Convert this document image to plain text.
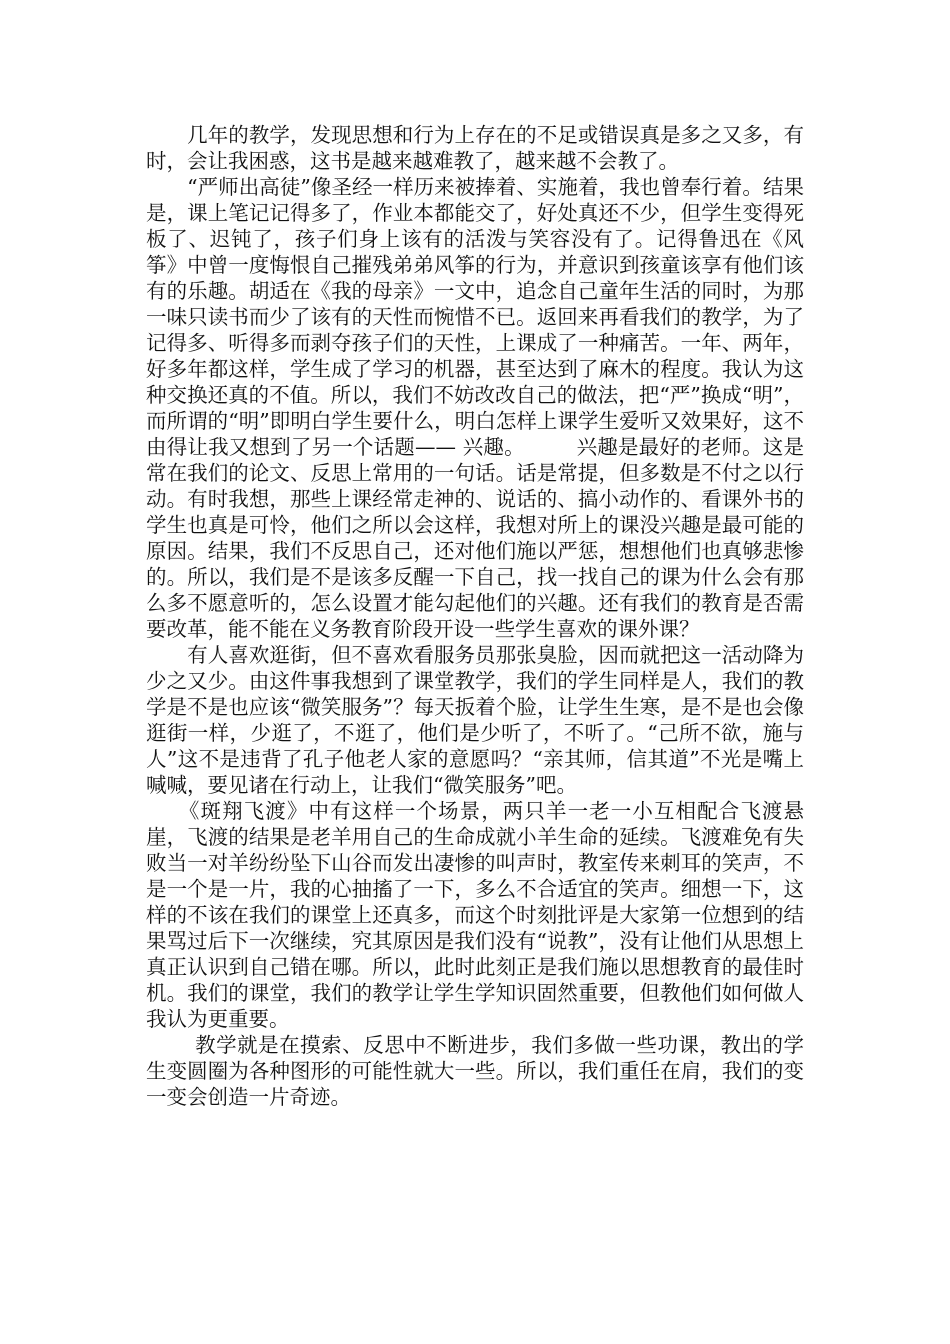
　　几年的教学，发现思想和行为上存在的不足或错误真是多之又多，有时，会让我困惑，这书是越来越难教了，越来越不会教了。

　　“严师出高徒”像圣经一样历来被捧着、实施着，我也曾奉行着。结果是，课上笔记记得多了，作业本都能交了，好处真还不少，但学生变得死板了、迟钝了，孩子们身上该有的活泼与笑容没有了。记得鲁迅在《风筝》中曾一度悔恨自己摧残弟弟风筝的行为，并意识到孩童该享有他们该有的乐趣。胡适在《我的母亲》一文中，追念自己童年生活的同时，为那一味只读书而少了该有的天性而惋惜不已。返回来再看我们的教学，为了记得多、听得多而剥夺孩子们的天性，上课成了一种痛苦。一年、两年，好多年都这样，学生成了学习的机器，甚至达到了麻木的程度。我认为这种交换还真的不值。所以，我们不妨改改自己的做法，把“严”换成“明”，而所谓的“明”即明白学生要什么，明白怎样上课学生爱听又效果好，这不由得让我又想到了另一个话题—— 兴趣。　　　兴趣是最好的老师。这是常在我们的论文、反思上常用的一句话。话是常提，但多数是不付之以行动。有时我想，那些上课经常走神的、说话的、搞小动作的、看课外书的学生也真是可怜，他们之所以会这样，我想对所上的课没兴趣是最可能的原因。结果，我们不反思自己，还对他们施以严惩，想想他们也真够悲惨的。所以，我们是不是该多反醒一下自己，找一找自己的课为什么会有那么多不愿意听的，怎么设置才能勾起他们的兴趣。还有我们的教育是否需要改革，能不能在义务教育阶段开设一些学生喜欢的课外课？

　　有人喜欢逛街，但不喜欢看服务员那张臭脸，因而就把这一活动降为少之又少。由这件事我想到了课堂教学，我们的学生同样是人，我们的教学是不是也应该“微笑服务”？每天扳着个脸，让学生生寒，是不是也会像逛街一样，少逛了，不逛了，他们是少听了，不听了。“己所不欲，施与人”这不是违背了孔子他老人家的意愿吗？“亲其师，信其道”不光是嘴上喊喊，要见诸在行动上，让我们“微笑服务”吧。

　　《斑翔飞渡》中有这样一个场景，两只羊一老一小互相配合飞渡悬崖，飞渡的结果是老羊用自己的生命成就小羊生命的延续。飞渡难免有失败当一对羊纷纷坠下山谷而发出凄惨的叫声时，教室传来刺耳的笑声，不是一个是一片，我的心抽搐了一下，多么不合适宜的笑声。细想一下，这样的不该在我们的课堂上还真多，而这个时刻批评是大家第一位想到的结果骂过后下一次继续，究其原因是我们没有“说教”，没有让他们从思想上真正认识到自己错在哪。所以，此时此刻正是我们施以思想教育的最佳时机。我们的课堂，我们的教学让学生学知识固然重要，但教他们如何做人我认为更重要。

　　 教学就是在摸索、反思中不断进步，我们多做一些功课，教出的学生变圆圈为各种图形的可能性就大一些。所以，我们重任在肩，我们的变一变会创造一片奇迹。
